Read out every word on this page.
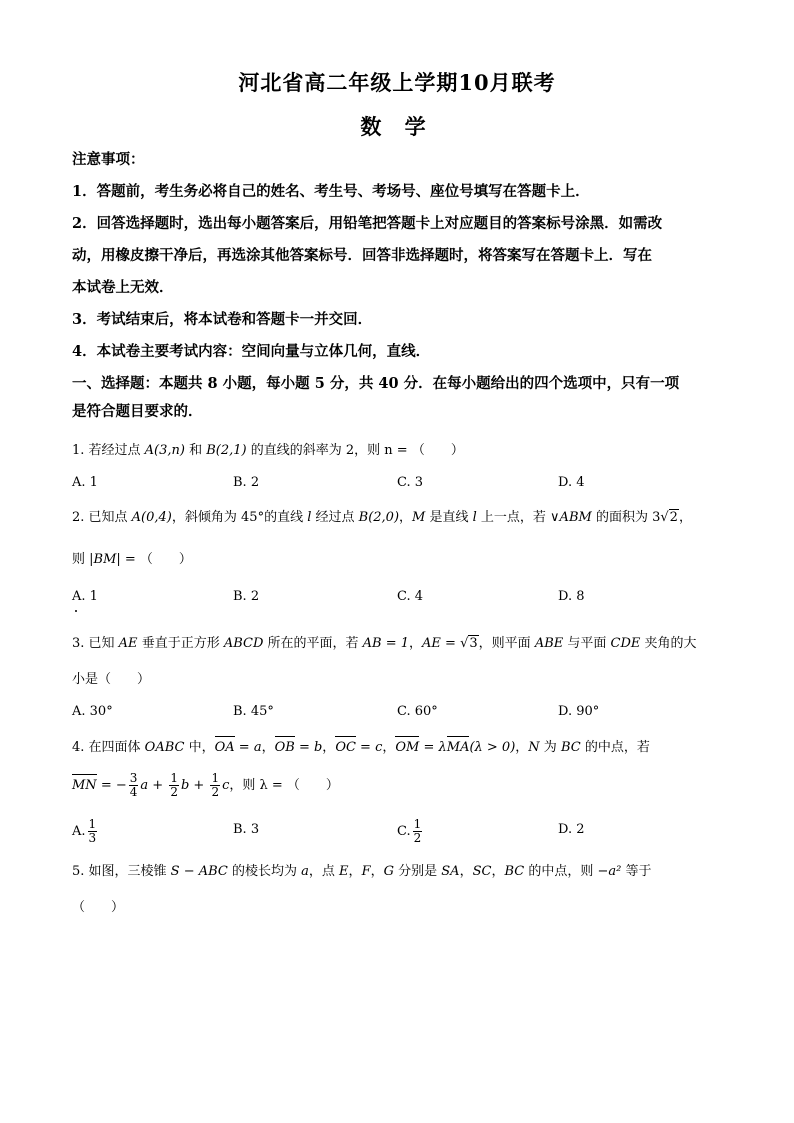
河北省高二年级上学期10月联考
数 学
注意事项：
1．答题前，考生务必将自己的姓名、考生号、考场号、座位号填写在答题卡上．
2．回答选择题时，选出每小题答案后，用铅笔把答题卡上对应题目的答案标号涂黑．如需改
动，用橡皮擦干净后，再选涂其他答案标号．回答非选择题时，将答案写在答题卡上．写在
本试卷上无效．
3．考试结束后，将本试卷和答题卡一并交回．
4．本试卷主要考试内容：空间向量与立体几何，直线．
一、选择题：本题共 8 小题，每小题 5 分，共 40 分．在每小题给出的四个选项中，只有一项
是符合题目要求的．
1. 若经过点 A(3,n) 和 B(2,1) 的直线的斜率为 2，则 n = （　　）
A. 1	B. 2	C. 3	D. 4
2. 已知点 A(0,4)，斜倾角为 45°的直线 l 经过点 B(2,0)，M 是直线 l 上一点，若 ∨ABM 的面积为 3√2，
则 |BM| = （　　）
A. 1	B. 2	C. 4	D. 8
3. 已知 AE 垂直于正方形 ABCD 所在的平面，若 AB = 1，AE = √3，则平面 ABE 与平面 CDE 夹角的大
小是（　　）
A. 30°	B. 45°	C. 60°	D. 90°
4. 在四面体 OABC 中，OA = a，OB = b，OC = c，OM = λMA(λ > 0)，N 为 BC 的中点，若
MN = − $\frac{3}{4}$ $a + \frac{1}{2}$ $b + \frac{1}{2}$ c，则 λ = （　　）
A. $\frac{1}{3}$	B. 3	C. $\frac{1}{2}$	D. 2
5. 如图，三棱锥 S − ABC 的棱长均为 a，点 E，F，G 分别是 SA，SC，BC 的中点，则 −a² 等于
（　　）
